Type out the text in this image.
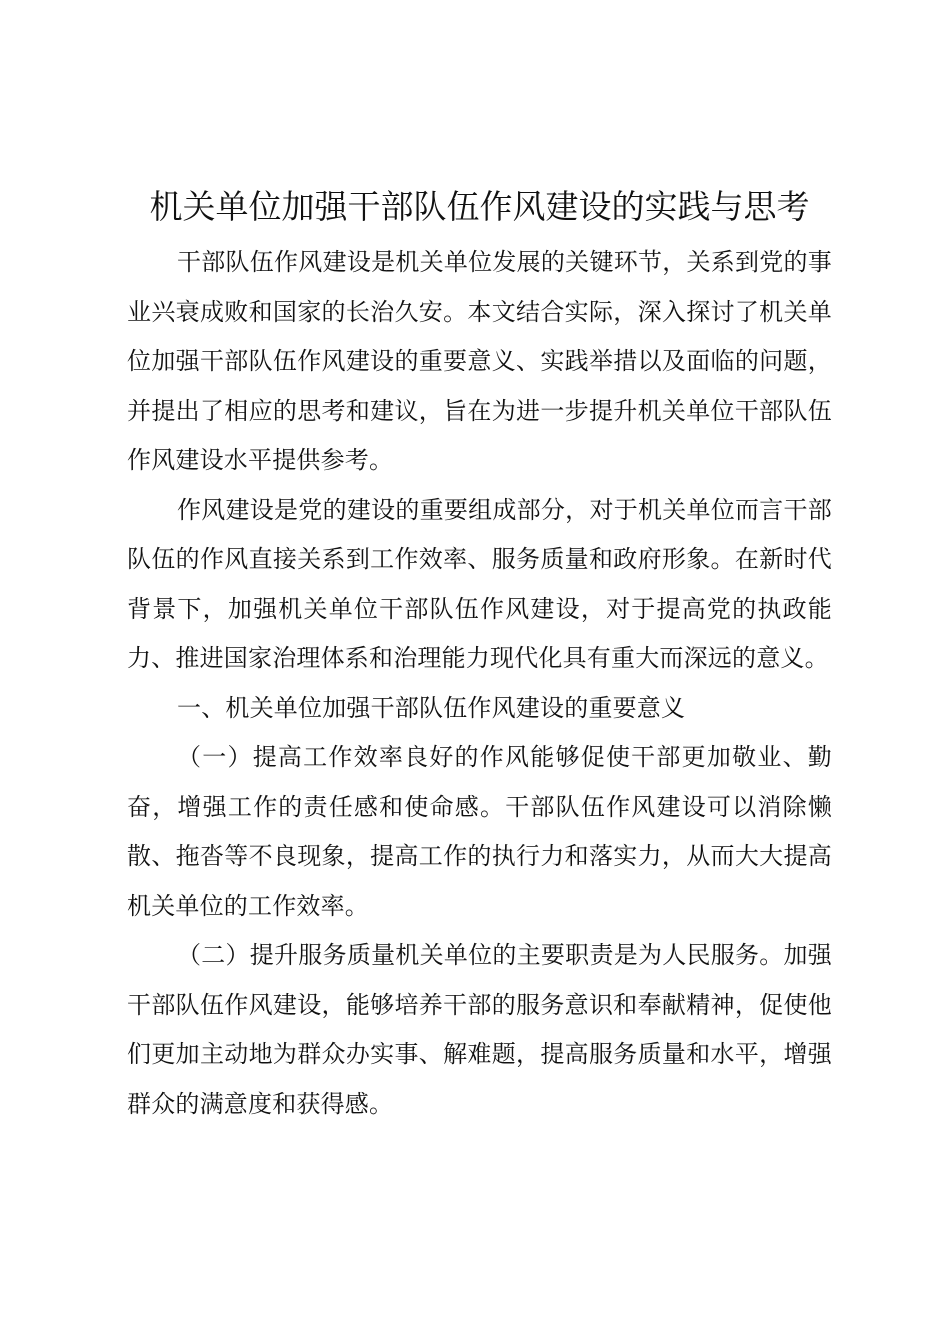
机关单位加强干部队伍作风建设的实践与思考

干部队伍作风建设是机关单位发展的关键环节，关系到党的事业兴衰成败和国家的长治久安。本文结合实际，深入探讨了机关单位加强干部队伍作风建设的重要意义、实践举措以及面临的问题，并提出了相应的思考和建议，旨在为进一步提升机关单位干部队伍作风建设水平提供参考。

作风建设是党的建设的重要组成部分，对于机关单位而言干部队伍的作风直接关系到工作效率、服务质量和政府形象。在新时代背景下，加强机关单位干部队伍作风建设，对于提高党的执政能力、推进国家治理体系和治理能力现代化具有重大而深远的意义。

一、机关单位加强干部队伍作风建设的重要意义

（一）提高工作效率良好的作风能够促使干部更加敬业、勤奋，增强工作的责任感和使命感。干部队伍作风建设可以消除懒散、拖沓等不良现象，提高工作的执行力和落实力，从而大大提高机关单位的工作效率。

（二）提升服务质量机关单位的主要职责是为人民服务。加强干部队伍作风建设，能够培养干部的服务意识和奉献精神，促使他们更加主动地为群众办实事、解难题，提高服务质量和水平，增强群众的满意度和获得感。
